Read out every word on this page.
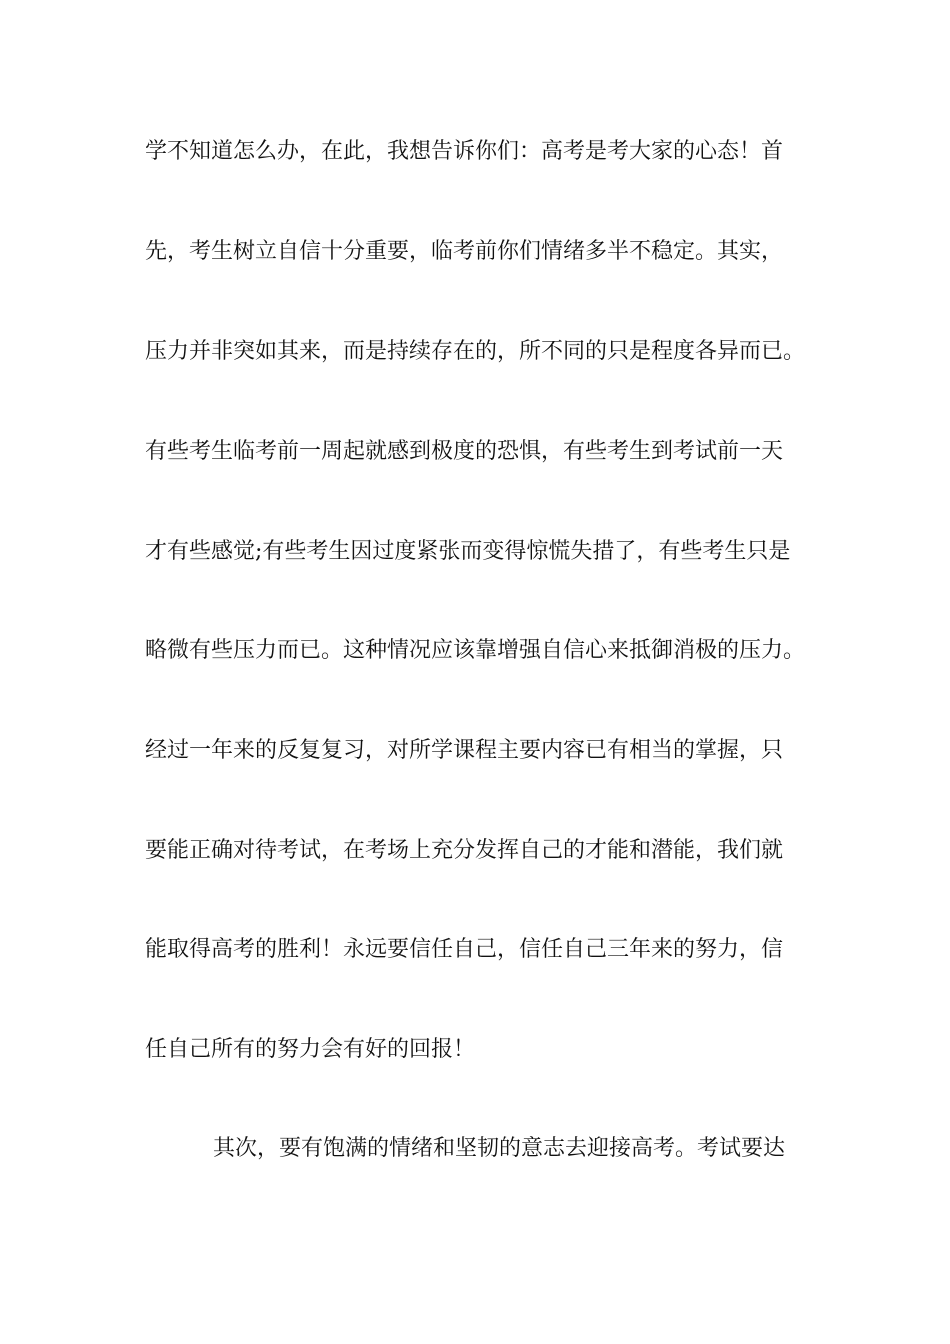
学不知道怎么办，在此，我想告诉你们：高考是考大家的心态！首
先，考生树立自信十分重要，临考前你们情绪多半不稳定。其实，
压力并非突如其来，而是持续存在的，所不同的只是程度各异而已。
有些考生临考前一周起就感到极度的恐惧，有些考生到考试前一天
才有些感觉;有些考生因过度紧张而变得惊慌失措了，有些考生只是
略微有些压力而已。这种情况应该靠增强自信心来抵御消极的压力。
经过一年来的反复复习，对所学课程主要内容已有相当的掌握，只
要能正确对待考试，在考场上充分发挥自己的才能和潜能，我们就
能取得高考的胜利！永远要信任自己，信任自己三年来的努力，信
任自己所有的努力会有好的回报！
其次，要有饱满的情绪和坚韧的意志去迎接高考。考试要达
